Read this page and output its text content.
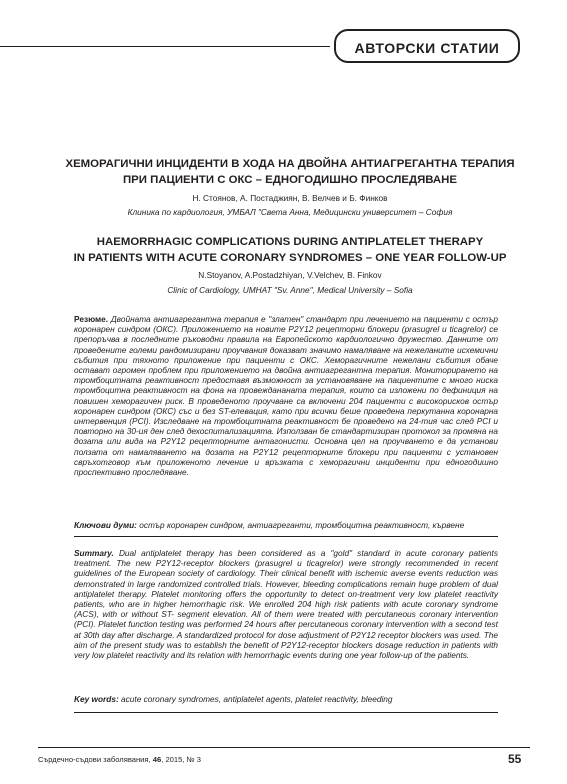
АВТОРСКИ СТАТИИ
ХЕМОРАГИЧНИ ИНЦИДЕНТИ В ХОДА НА ДВОЙНА АНТИАГРЕГАНТНА ТЕРАПИЯ
ПРИ ПАЦИЕНТИ С ОКС – ЕДНОГОДИШНО ПРОСЛЕДЯВАНЕ
Н. Стоянов, А. Постаджиян, В. Велчев и Б. Финков
Клиника по кардиология, УМБАЛ "Света Анна, Медицински университет – София
HAEMORRHAGIC COMPLICATIONS DURING ANTIPLATELET THERAPY
IN PATIENTS WITH ACUTE CORONARY SYNDROMES – ONE YEAR FOLLOW-UP
N.Stoyanov, A.Postadzhiyan, V.Velchev, B. Finkov
Clinic of Cardiology, UMHAT "Sv. Anne", Medical University – Sofia
Резюме. Двойната антиагрегантна терапия е "златен" стандарт при лечението на пациенти с остър коронарен синдром (ОКС). Приложението на новите P2Y12 рецепторни блокери (prasugrel и ticagrelor) се препоръчва в последните ръководни правила на Европейското кардиологично дружество. Данните от проведените големи рандомизирани проучвания доказват значимо намаляване на нежеланите исхемични събития при тяхното приложение при пациенти с ОКС. Хеморагичните нежелани събития обаче остават огромен проблем при приложението на двойна антиагрегантна терапия. Мониторирането на тромбоцитната реактивност предоставя възможност за установяване на пациентите с много ниска тромбоцитна реактивност на фона на провеждананата терапия, които са изложени по дефиниция на повишен хеморагичен риск. В проведеното проучване са включени 204 пациенти с високорисков остър коронарен синдром (ОКС) със и без ST-елевация, като при всички беше проведена перкутанна коронарна интервенция (PCI). Изследване на тромбоцитната реактивност бе проведено на 24-тия час след PCI и повторно на 30-ия ден след дехоспитализацията. Използван бе стандартизиран протокол за промяна на дозата или вида на P2Y12 рецепторните антагонисти. Основна цел на проучването е да установи ползата от намаляването на дозата на P2Y12 рецепторните блокери при пациенти с установен свръхотговор към приложеното лечение и връзката с хеморагични инциденти при едногодишно проспективно проследяване.
Ключови думи: остър коронарен синдром, антиагреганти, тромбоцитна реактивност, кървене
Summary. Dual antiplatelet therapy has been considered as a "gold" standard in acute coronary patients treatment. The new P2Y12-receptor blockers (prasugrel и ticagrelor) were strongly recommended in recent guidelines of the European society of cardiology. Their clinical benefit with ischemic averse events reduction was demonstrated in large randomized controlled trials. However, bleeding complications remain huge problem of dual antiplatelet therapy. Platelet monitoring offers the opportunity to detect on-treatment very low platelet reactivity patients, who are in higher hemorrhagic risk. We enrolled 204 high risk patients with acute coronary syndrome (ACS), with or without ST- segment elevation. All of them were treated with percutaneous coronary intervention (PCI). Platelet function testing was performed 24 hours after percutaneous coronary intervention with a second test at 30th day after discharge. A standardized protocol for dose adjustment of P2Y12 receptor blockers was used. The aim of the present study was to establish the benefit of P2Y12-receptor blockers dosage reduction in patients with very low platelet reactivity and its relation with hemorrhagic events during one year follow-up of the patients.
Key words: acute coronary syndromes, antiplatelet agents, platelet reactivity, bleeding
Сърдечно-съдови заболявания, 46, 2015, № 3	55
